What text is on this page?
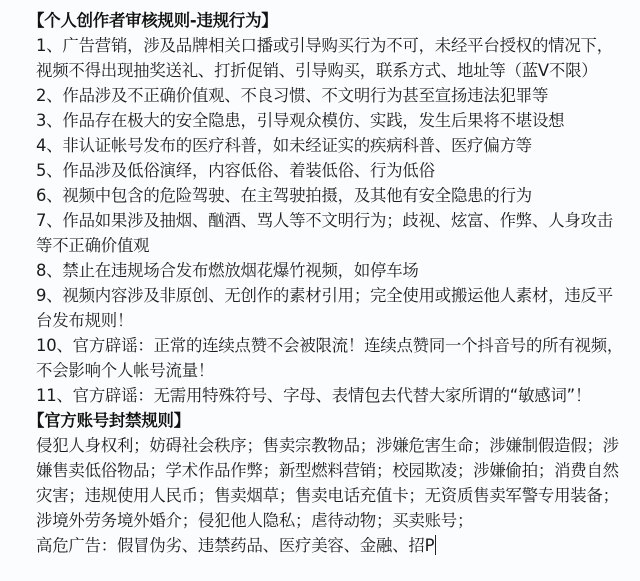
【个人创作者审核规则-违规行为】
1、广告营销，涉及品牌相关口播或引导购买行为不可，未经平台授权的情况下，
视频不得出现抽奖送礼、打折促销、引导购买，联系方式、地址等（蓝V不限）
2、作品涉及不正确价值观、不良习惯、不文明行为甚至宣扬违法犯罪等
3、作品存在极大的安全隐患，引导观众模仿、实践，发生后果将不堪设想
4、非认证帐号发布的医疗科普，如未经证实的疾病科普、医疗偏方等
5、作品涉及低俗演绎，内容低俗、着装低俗、行为低俗
6、视频中包含的危险驾驶、在主驾驶拍摄，及其他有安全隐患的行为
7、作品如果涉及抽烟、酗酒、骂人等不文明行为；歧视、炫富、作弊、人身攻击
等不正确价值观
8、禁止在违规场合发布燃放烟花爆竹视频，如停车场
9、视频内容涉及非原创、无创作的素材引用；完全使用或搬运他人素材，违反平
台发布规则！
10、官方辟谣：正常的连续点赞不会被限流！连续点赞同一个抖音号的所有视频，
不会影响个人帐号流量！
11、官方辟谣：无需用特殊符号、字母、表情包去代替大家所谓的“敏感词”！
【官方账号封禁规则】
侵犯人身权利；妨碍社会秩序；售卖宗教物品；涉嫌危害生命；涉嫌制假造假；涉
嫌售卖低俗物品；学术作品作弊；新型燃料营销；校园欺凌；涉嫌偷拍；消费自然
灾害；违规使用人民币；售卖烟草；售卖电话充值卡；无资质售卖军警专用装备；
涉境外劳务境外婚介；侵犯他人隐私；虐待动物；买卖账号；
高危广告：假冒伪劣、违禁药品、医疗美容、金融、招P
